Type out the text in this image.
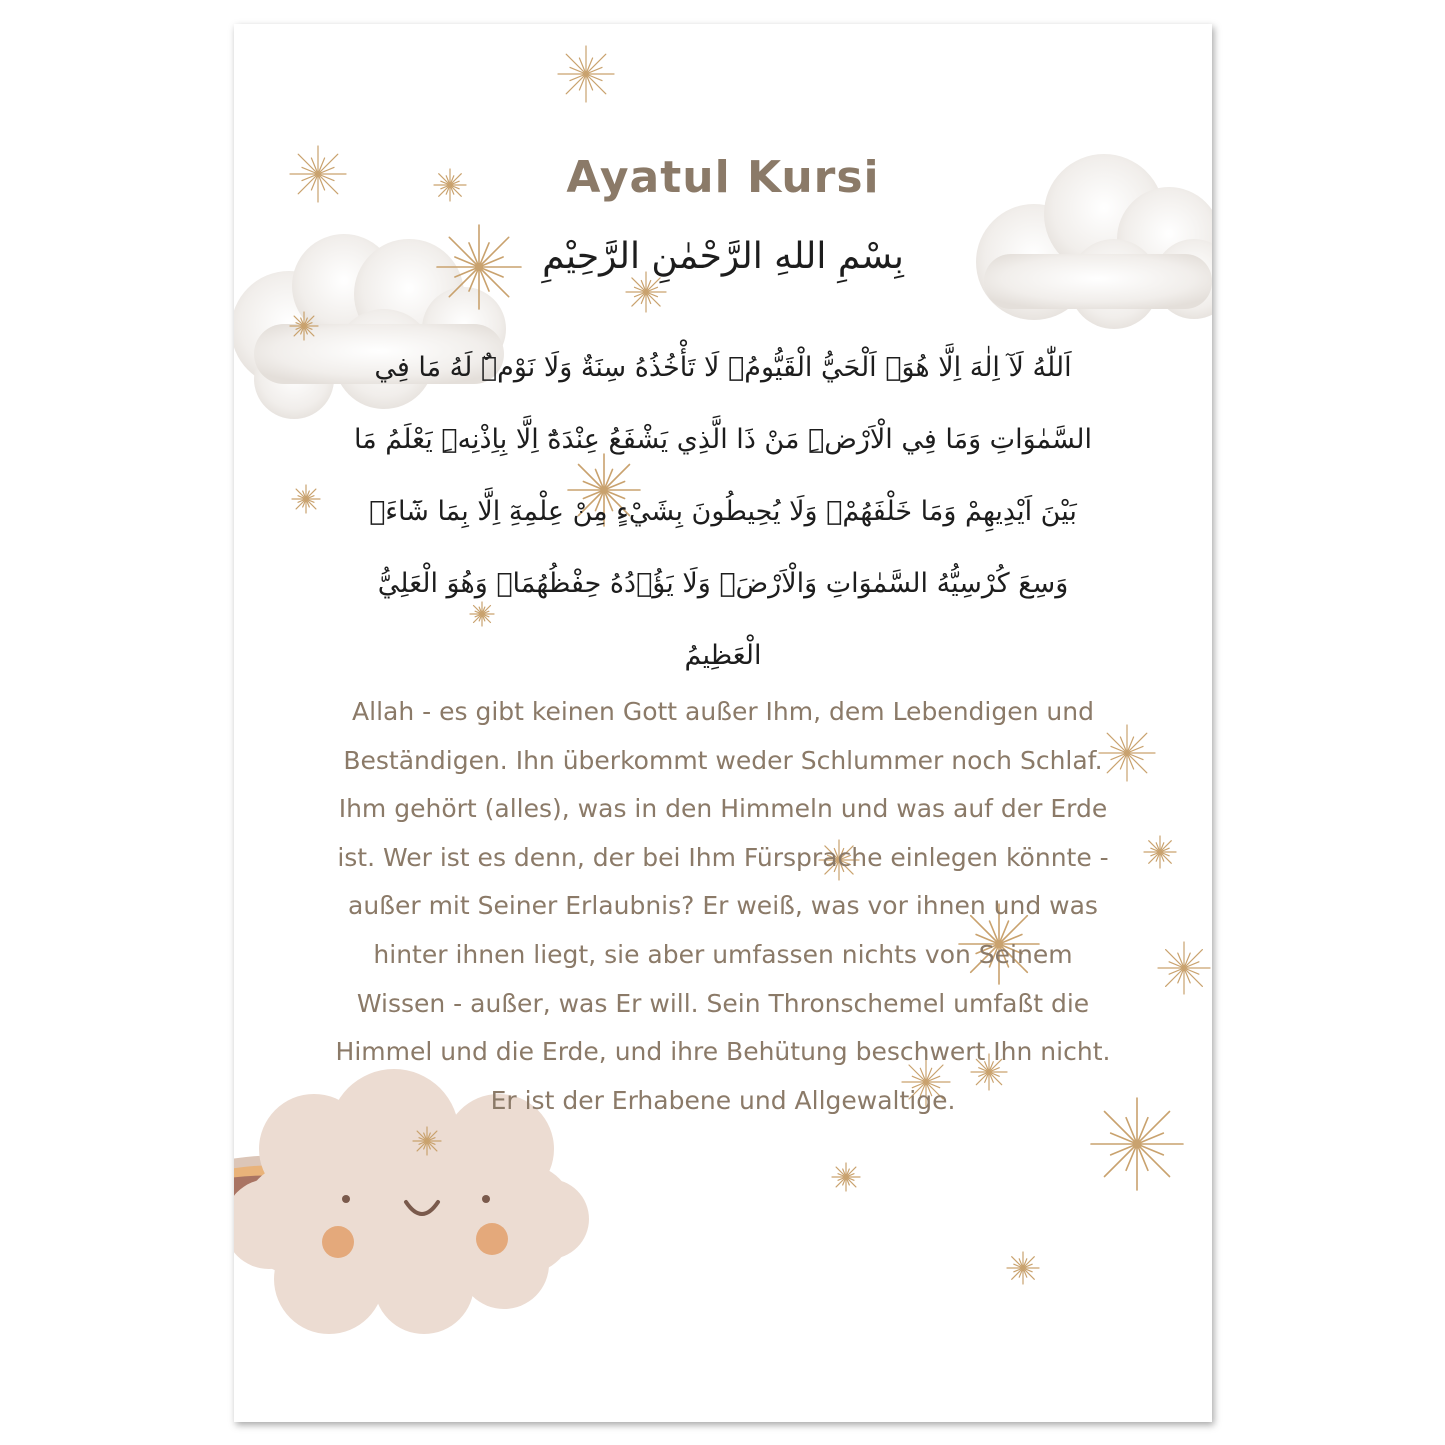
Ayatul Kursi
بِسْمِ اللهِ الرَّحْمٰنِ الرَّحِيْمِ

اَللّٰهُ لَآ اِلٰهَ اِلَّا هُوَۚ اَلْحَيُّ الْقَيُّومُۚ لَا تَأْخُذُهُ سِنَةٌ وَلَا نَوْمٌۜ لَهُ مَا فِي السَّمٰوَاتِ وَمَا فِي الْاَرْضِۜ مَنْ ذَا الَّذِي يَشْفَعُ عِنْدَهُٓ اِلَّا بِاِذْنِهِۜ يَعْلَمُ مَا بَيْنَ اَيْدِيهِمْ وَمَا خَلْفَهُمْۚ وَلَا يُحِيطُونَ بِشَيْءٍ مِنْ عِلْمِهِٓ اِلَّا بِمَا شَٓاءَۚ وَسِعَ كُرْسِيُّهُ السَّمٰوَاتِ وَالْاَرْضَۚ وَلَا يَؤُ۫دُهُ حِفْظُهُمَاۚ وَهُوَ الْعَلِيُّ الْعَظِيمُ

Allah - es gibt keinen Gott außer Ihm, dem Lebendigen und Beständigen. Ihn überkommt weder Schlummer noch Schlaf. Ihm gehört (alles), was in den Himmeln und was auf der Erde ist. Wer ist es denn, der bei Ihm Fürsprache einlegen könnte - außer mit Seiner Erlaubnis? Er weiß, was vor ihnen und was hinter ihnen liegt, sie aber umfassen nichts von Seinem Wissen - außer, was Er will. Sein Thronschemel umfaßt die Himmel und die Erde, und ihre Behütung beschwert Ihn nicht. Er ist der Erhabene und Allgewaltige.
